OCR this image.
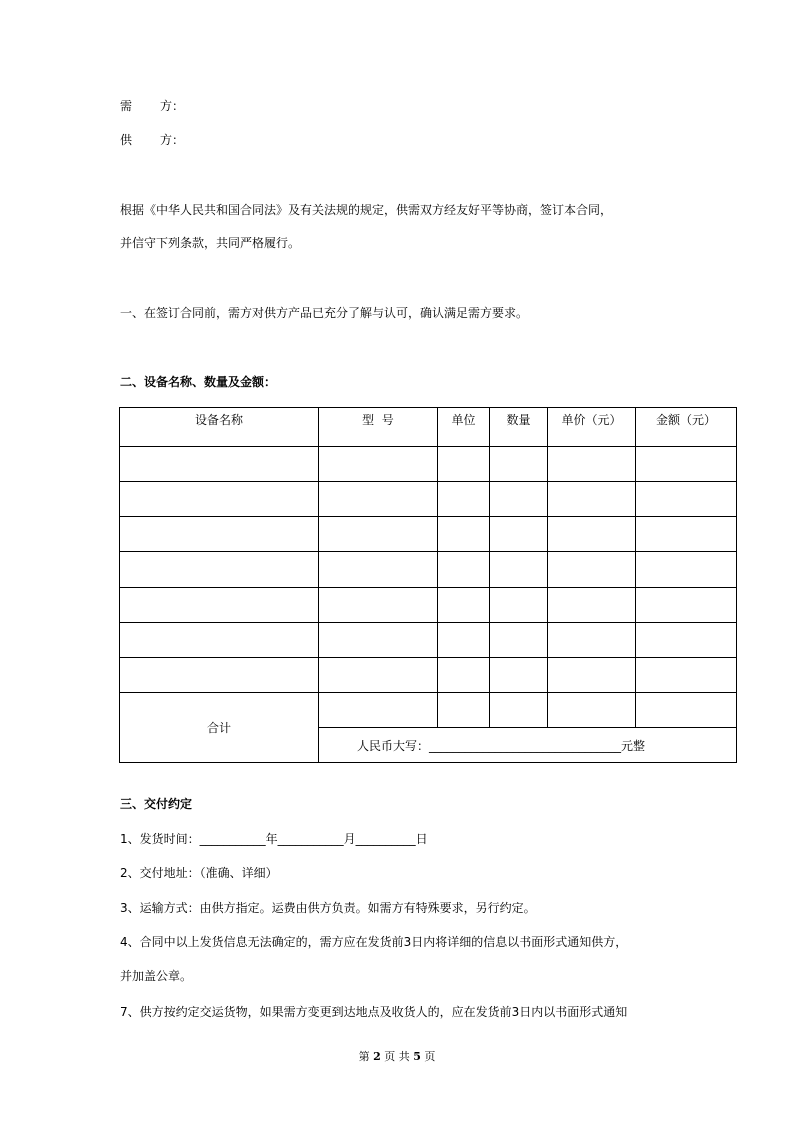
需 方：
供 方：
根据《中华人民共和国合同法》及有关法规的规定，供需双方经友好平等协商，签订本合同，
并信守下列条款，共同严格履行。
一、在签订合同前，需方对供方产品已充分了解与认可，确认满足需方要求。
二、设备名称、数量及金额：
设备名称	型  号	单位	数量	单价（元）	金额（元）

合计					
	人民币大写：________________________________元整				
三、交付约定
1、发货时间：___________年___________月__________日
2、交付地址：（准确、详细）
3、运输方式：由供方指定。运费由供方负责。如需方有特殊要求，另行约定。
4、合同中以上发货信息无法确定的，需方应在发货前3日内将详细的信息以书面形式通知供方，
并加盖公章。
7、供方按约定交运货物，如果需方变更到达地点及收货人的，应在发货前3日内以书面形式通知
第 2 页 共 5 页
